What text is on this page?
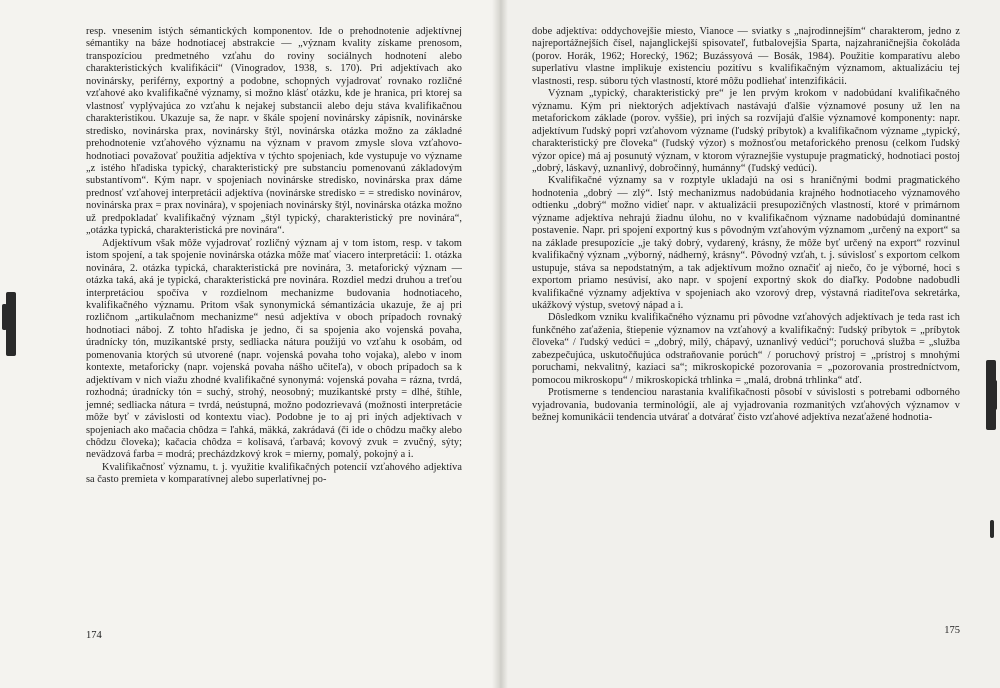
resp. vnesenim istých sémantických komponentov. Ide o prehodnotenie adjektívnej sémantiky na báze hodnotiacej abstrakcie — „význam kvality získame prenosom, transpozíciou predmetného vzťahu do roviny sociálnych hodnotení alebo charakteristických kvalifikácií“ (Vinogradov, 1938, s. 170). Pri adjektívach ako novinársky, periférny, exportný a podobne, schopných vyjadrovať rovnako rozličné vzťahové ako kvalifikačné významy, si možno klásť otázku, kde je hranica, pri ktorej sa vlastnosť vyplývajúca zo vzťahu k nejakej substancii alebo deju stáva kvalifikačnou charakteristikou. Ukazuje sa, že napr. v škále spojení novinársky zápisník, novinárske stredisko, novinárska prax, novinársky štýl, novinárska otázka možno za základné prehodnotenie vzťahového významu na význam v pravom zmysle slova vzťahovo-hodnotiaci považovať použitia adjektíva v týchto spojeniach, kde vystupuje vo význame „z istého hľadiska typický, charakteristický pre substanciu pomenovanú základovým substantívom“. Kým napr. v spojeniach novinárske stredisko, novinárska prax dáme prednosť vzťahovej interpretácii adjektíva (novinárske stredisko = = stredisko novinárov, novinárska prax = prax novinára), v spojeniach novinársky štýl, novinárska otázka možno už predpokladať kvalifikačný význam „štýl typický, charakteristický pre novinára“, „otázka typická, charakteristická pre novinára“.

Adjektívum však môže vyjadrovať rozličný význam aj v tom istom, resp. v takom istom spojení, a tak spojenie novinárska otázka môže mať viacero interpretácií: 1. otázka novinára, 2. otázka typická, charakteristická pre novinára, 3. metaforický význam — otázka taká, aká je typická, charakteristická pre novinára. Rozdiel medzi druhou a treťou interpretáciou spočíva v rozdielnom mechanizme budovania hodnotiaceho, kvalifikačného významu. Pritom však synonymická sémantizácia ukazuje, že aj pri rozličnom „artikulačnom mechanizme“ nesú adjektíva v oboch prípadoch rovnaký hodnotiaci náboj. Z tohto hľadiska je jedno, či sa spojenia ako vojenská povaha, úradnícky tón, muzikantské prsty, sedliacka nátura použijú vo vzťahu k osobám, od pomenovania ktorých sú utvorené (napr. vojenská povaha toho vojaka), alebo v inom kontexte, metaforicky (napr. vojenská povaha nášho učiteľa), v oboch prípadoch sa k adjektívam v nich viažu zhodné kvalifikačné synonymá: vojenská povaha = rázna, tvrdá, rozhodná; úradnícky tón = suchý, strohý, neosobný; muzikantské prsty = dlhé, štíhle, jemné; sedliacka nátura = tvrdá, neústupná, možno podozrievavá (možnosti interpretácie môže byť v závislosti od kontextu viac). Podobne je to aj pri iných adjektívach v spojeniach ako mačacia chôdza = ľahká, mäkká, zakrádavá (či ide o chôdzu mačky alebo chôdzu človeka); kačacia chôdza = kolísavá, ťarbavá; kovový zvuk = zvučný, sýty; nevädzová farba = modrá; precházdzkový krok = mierny, pomalý, pokojný a i.

Kvalifikačnosť významu, t. j. využitie kvalifikačných potencií vzťahového adjektíva sa často premieta v komparatívnej alebo superlatívnej po-

174

dobe adjektíva: oddychovejšie miesto, Vianoce — sviatky s „najrodinnejším“ charakterom, jedno z najreportážnejších čísel, najanglickejší spisovateľ, futbalovejšia Sparta, najzahraničnejšia čokoláda (porov. Horák, 1962; Horecký, 1962; Buzássyová — Bosák, 1984). Použitie komparatívu alebo superlatívu vlastne implikuje existenciu pozitívu s kvalifikačným významom, aktualizáciu tej vlastnosti, resp. súboru tých vlastností, ktoré môžu podliehať intenzifikácii.

Význam „typický, charakteristický pre“ je len prvým krokom v nadobúdaní kvalifikačného významu. Kým pri niektorých adjektívach nastávajú ďalšie významové posuny už len na metaforickom základe (porov. vyššie), pri iných sa rozvíjajú ďalšie významové komponenty: napr. adjektívum ľudský popri vzťahovom význame (ľudský príbytok) a kvalifikačnom význame „typický, charakteristický pre človeka“ (ľudský výzor) s možnosťou metaforického prenosu (celkom ľudský výzor opice) má aj posunutý význam, v ktorom výraznejšie vystupuje pragmatický, hodnotiaci postoj „dobrý, láskavý, uznanlivý, dobročinný, humánny“ (ľudský vedúci).

Kvalifikačné významy sa v rozptyle ukladajú na osi s hraničnými bodmi pragmatického hodnotenia „dobrý — zlý“. Istý mechanizmus nadobúdania krajného hodnotiaceho významového odtienku „dobrý“ možno vidieť napr. v aktualizácii presupozičných vlastností, ktoré v primárnom význame adjektíva nehrajú žiadnu úlohu, no v kvalifikačnom význame nadobúdajú dominantné postavenie. Napr. pri spojení exportný kus s pôvodným vzťahovým významom „určený na export“ sa na základe presupozície „je taký dobrý, vydarený, krásny, že môže byť určený na export“ rozvinul kvalifikačný význam „výborný, nádherný, krásny“. Pôvodný vzťah, t. j. súvislosť s exportom celkom ustupuje, stáva sa nepodstatným, a tak adjektívum možno označiť aj niečo, čo je výborné, hoci s exportom priamo nesúvisí, ako napr. v spojení exportný skok do diaľky. Podobne nadobudli kvalifikačné významy adjektíva v spojeniach ako vzorový drep, výstavná riaditeľova sekretárka, ukážkový výstup, svetový nápad a i.

Dôsledkom vzniku kvalifikačného významu pri pôvodne vzťahových adjektívach je teda rast ich funkčného zaťaženia, štiepenie významov na vzťahový a kvalifikačný: ľudský príbytok = „príbytok človeka“ / ľudský vedúci = „dobrý, milý, chápavý, uznanlivý vedúci“; poruchová služba = „služba zabezpečujúca, uskutočňujúca odstraňovanie porúch“ / poruchový prístroj = „prístroj s mnohými poruchami, nekvalitný, kaziaci sa“; mikroskopické pozorovania = „pozorovania prostredníctvom, pomocou mikroskopu“ / mikroskopická trhlinka = „malá, drobná trhlinka“ atď.

Protismerne s tendenciou narastania kvalifikačnosti pôsobí v súvislosti s potrebami odborného vyjadrovania, budovania terminológií, ale aj vyjadrovania rozmanitých vzťahových významov v bežnej komunikácii tendencia utvárať a dotvárať čisto vzťahové adjektíva nezaťažené hodnotia-

175
